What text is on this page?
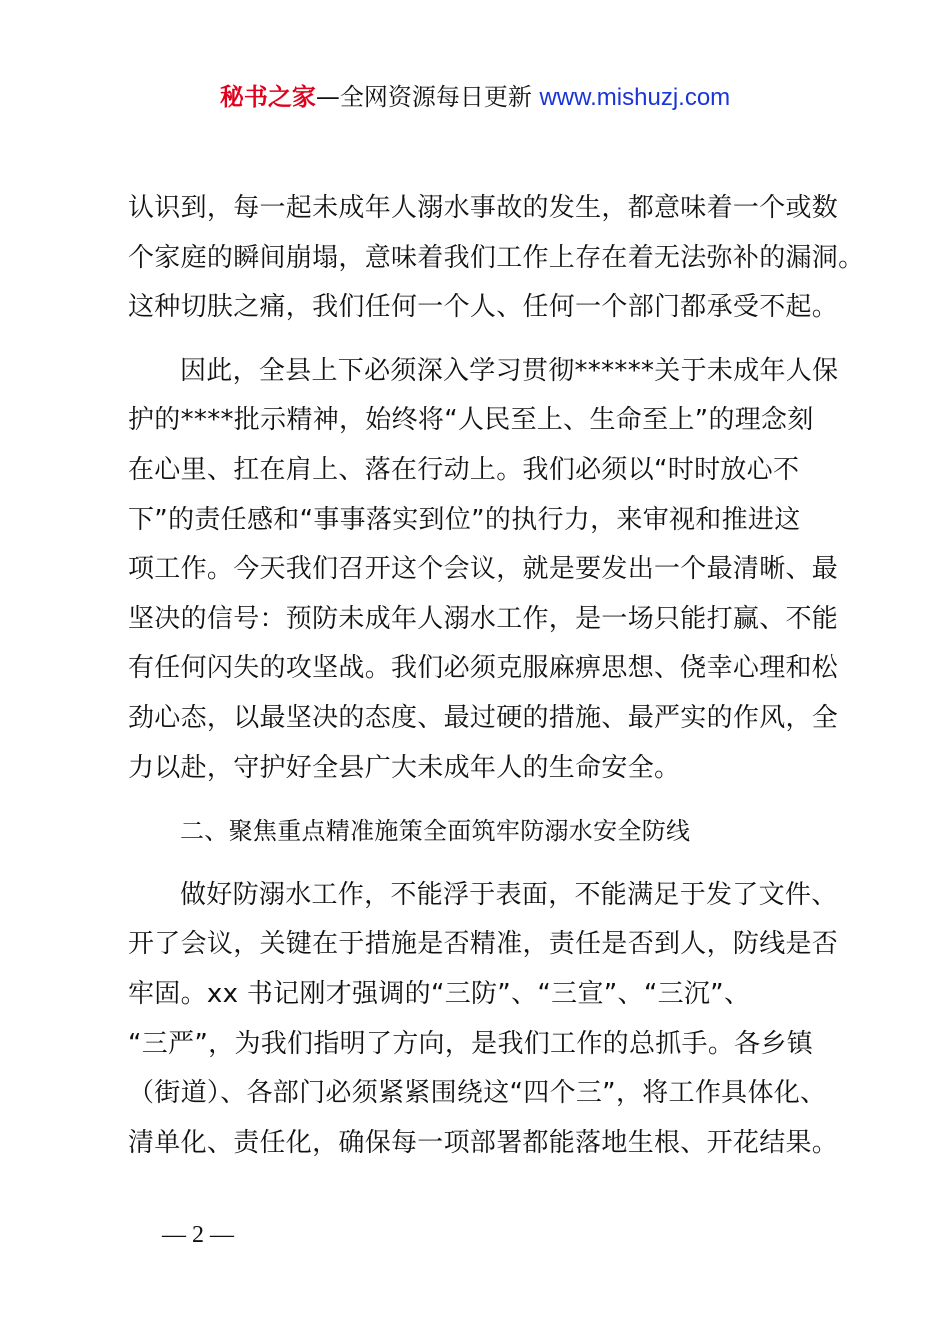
秘书之家—全网资源每日更新 www.mishuzj.com

认识到，每一起未成年人溺水事故的发生，都意味着一个或数
个家庭的瞬间崩塌，意味着我们工作上存在着无法弥补的漏洞。
这种切肤之痛，我们任何一个人、任何一个部门都承受不起。

因此，全县上下必须深入学习贯彻******关于未成年人保
护的****批示精神，始终将“人民至上、生命至上”的理念刻
在心里、扛在肩上、落在行动上。我们必须以“时时放心不
下”的责任感和“事事落实到位”的执行力，来审视和推进这
项工作。今天我们召开这个会议，就是要发出一个最清晰、最
坚决的信号：预防未成年人溺水工作，是一场只能打赢、不能
有任何闪失的攻坚战。我们必须克服麻痹思想、侥幸心理和松
劲心态，以最坚决的态度、最过硬的措施、最严实的作风，全
力以赴，守护好全县广大未成年人的生命安全。

二、聚焦重点精准施策全面筑牢防溺水安全防线

做好防溺水工作，不能浮于表面，不能满足于发了文件、
开了会议，关键在于措施是否精准，责任是否到人，防线是否
牢固。xx 书记刚才强调的“三防”、“三宣”、“三沉”、
“三严”，为我们指明了方向，是我们工作的总抓手。各乡镇
（街道）、各部门必须紧紧围绕这“四个三”，将工作具体化、
清单化、责任化，确保每一项部署都能落地生根、开花结果。

— 2 —
